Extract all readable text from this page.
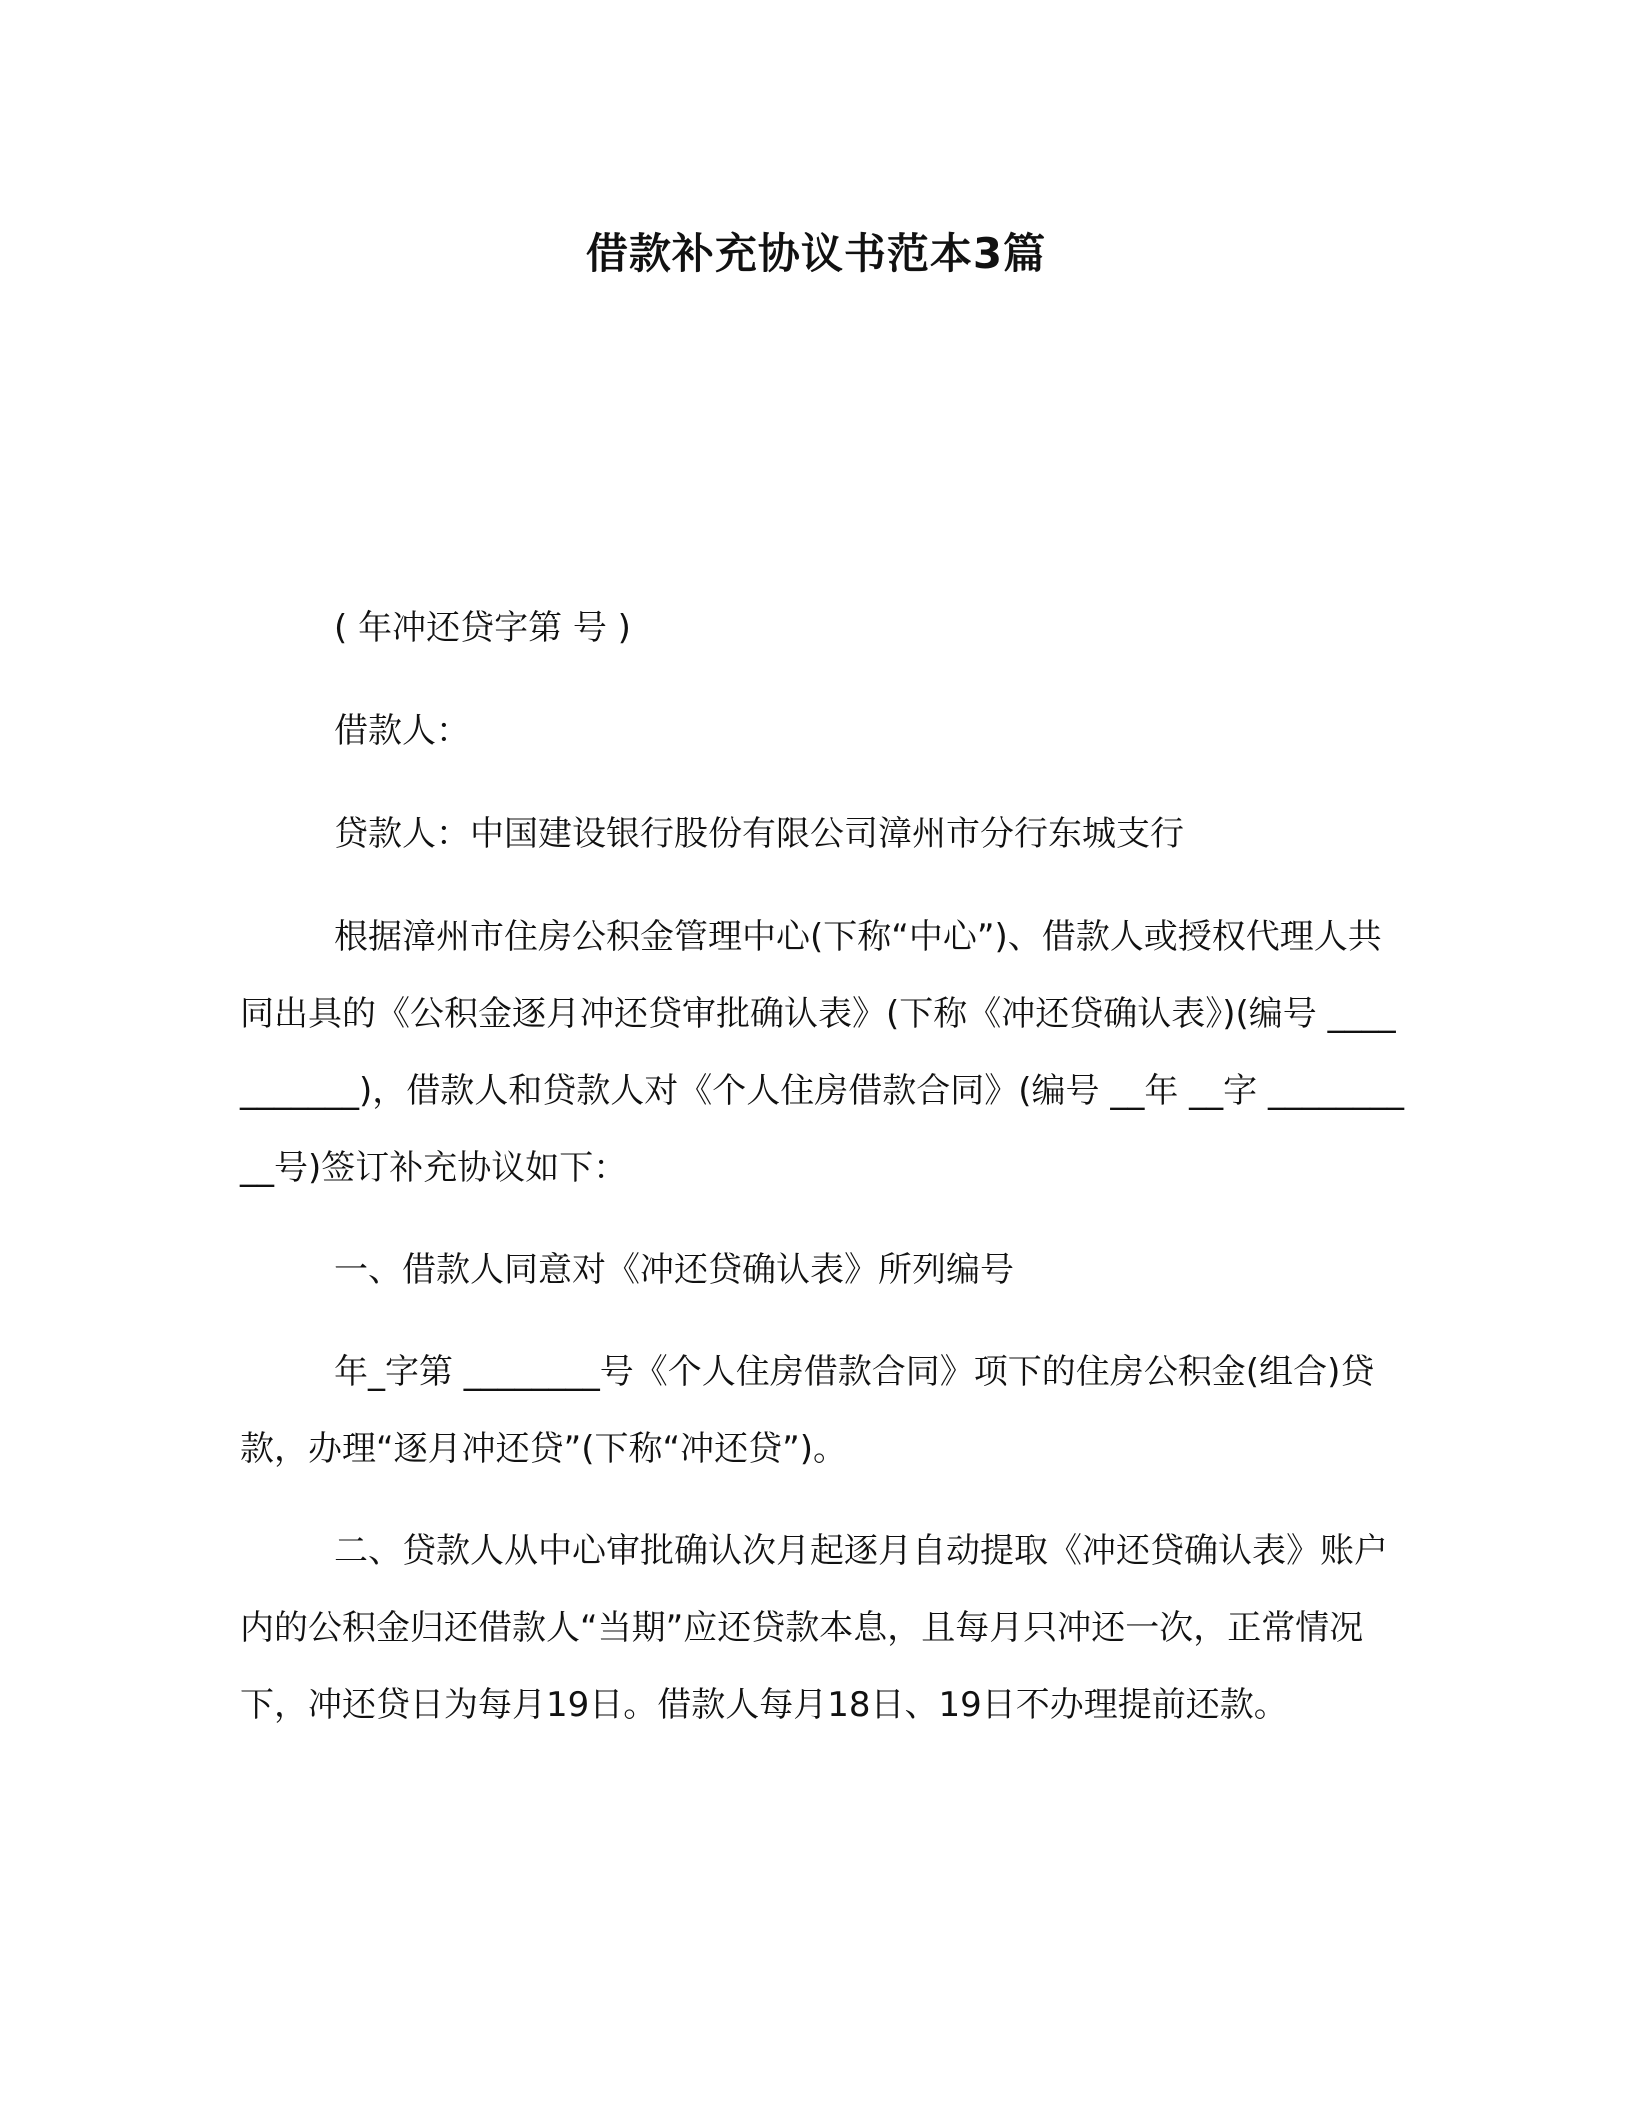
借款补充协议书范本3篇

( 年冲还贷字第 号 )

借款人：

贷款人：中国建设银行股份有限公司漳州市分行东城支行

根据漳州市住房公积金管理中心(下称“中心”)、借款人或授权代理人共同出具的《公积金逐月冲还贷审批确认表》(下称《冲还贷确认表》)(编号 ___________)，借款人和贷款人对《个人住房借款合同》(编号 __年 __字 __________号)签订补充协议如下：

一、借款人同意对《冲还贷确认表》所列编号

年_字第 ________号《个人住房借款合同》项下的住房公积金(组合)贷款，办理“逐月冲还贷”(下称“冲还贷”)。

二、贷款人从中心审批确认次月起逐月自动提取《冲还贷确认表》账户内的公积金归还借款人“当期”应还贷款本息，且每月只冲还一次，正常情况下，冲还贷日为每月19日。借款人每月18日、19日不办理提前还款。
